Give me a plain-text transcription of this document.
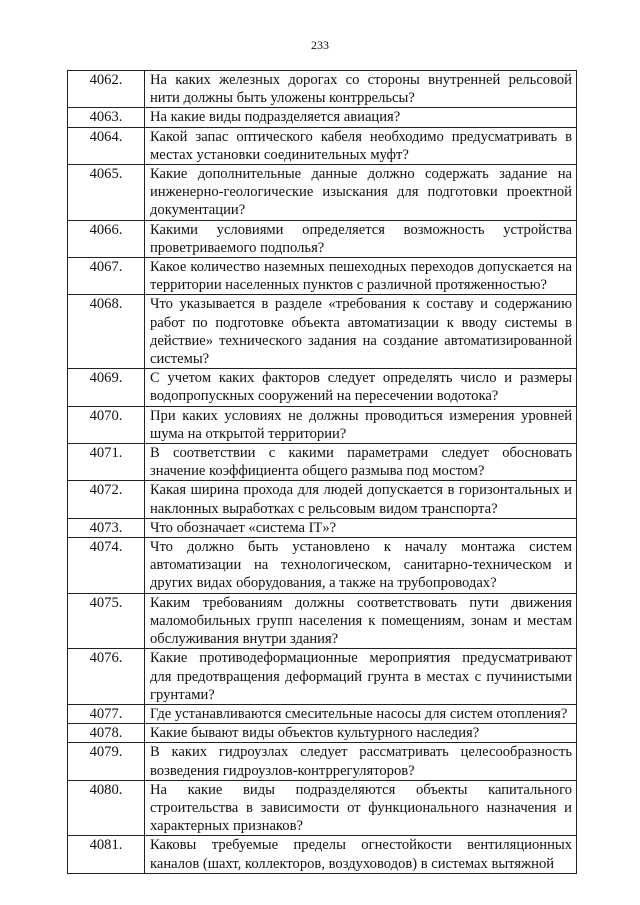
233
4062.	На каких железных дорогах со стороны внутренней рельсовой нити должны быть уложены контррельсы?
4063.	На какие виды подразделяется авиация?
4064.	Какой запас оптического кабеля необходимо предусматривать в местах установки соединительных муфт?
4065.	Какие дополнительные данные должно содержать задание на инженерно-геологические изыскания для подготовки проектной документации?
4066.	Какими условиями определяется возможность устройства проветриваемого подполья?
4067.	Какое количество наземных пешеходных переходов допускается на территории населенных пунктов с различной протяженностью?
4068.	Что указывается в разделе «требования к составу и содержанию работ по подготовке объекта автоматизации к вводу системы в действие» технического задания на создание автоматизированной системы?
4069.	С учетом каких факторов следует определять число и размеры водопропускных сооружений на пересечении водотока?
4070.	При каких условиях не должны проводиться измерения уровней шума на открытой территории?
4071.	В соответствии с какими параметрами следует обосновать значение коэффициента общего размыва под мостом?
4072.	Какая ширина прохода для людей допускается в горизонтальных и наклонных выработках с рельсовым видом транспорта?
4073.	Что обозначает «система IT»?
4074.	Что должно быть установлено к началу монтажа систем автоматизации на технологическом, санитарно-техническом и других видах оборудования, а также на трубопроводах?
4075.	Каким требованиям должны соответствовать пути движения маломобильных групп населения к помещениям, зонам и местам обслуживания внутри здания?
4076.	Какие противодеформационные мероприятия предусматривают для предотвращения деформаций грунта в местах с пучинистыми грунтами?
4077.	Где устанавливаются смесительные насосы для систем отопления?
4078.	Какие бывают виды объектов культурного наследия?
4079.	В каких гидроузлах следует рассматривать целесообразность возведения гидроузлов-контррегуляторов?
4080.	На какие виды подразделяются объекты капитального строительства в зависимости от функционального назначения и характерных признаков?
4081.	Каковы требуемые пределы огнестойкости вентиляционных каналов (шахт, коллекторов, воздуховодов) в системах вытяжной
